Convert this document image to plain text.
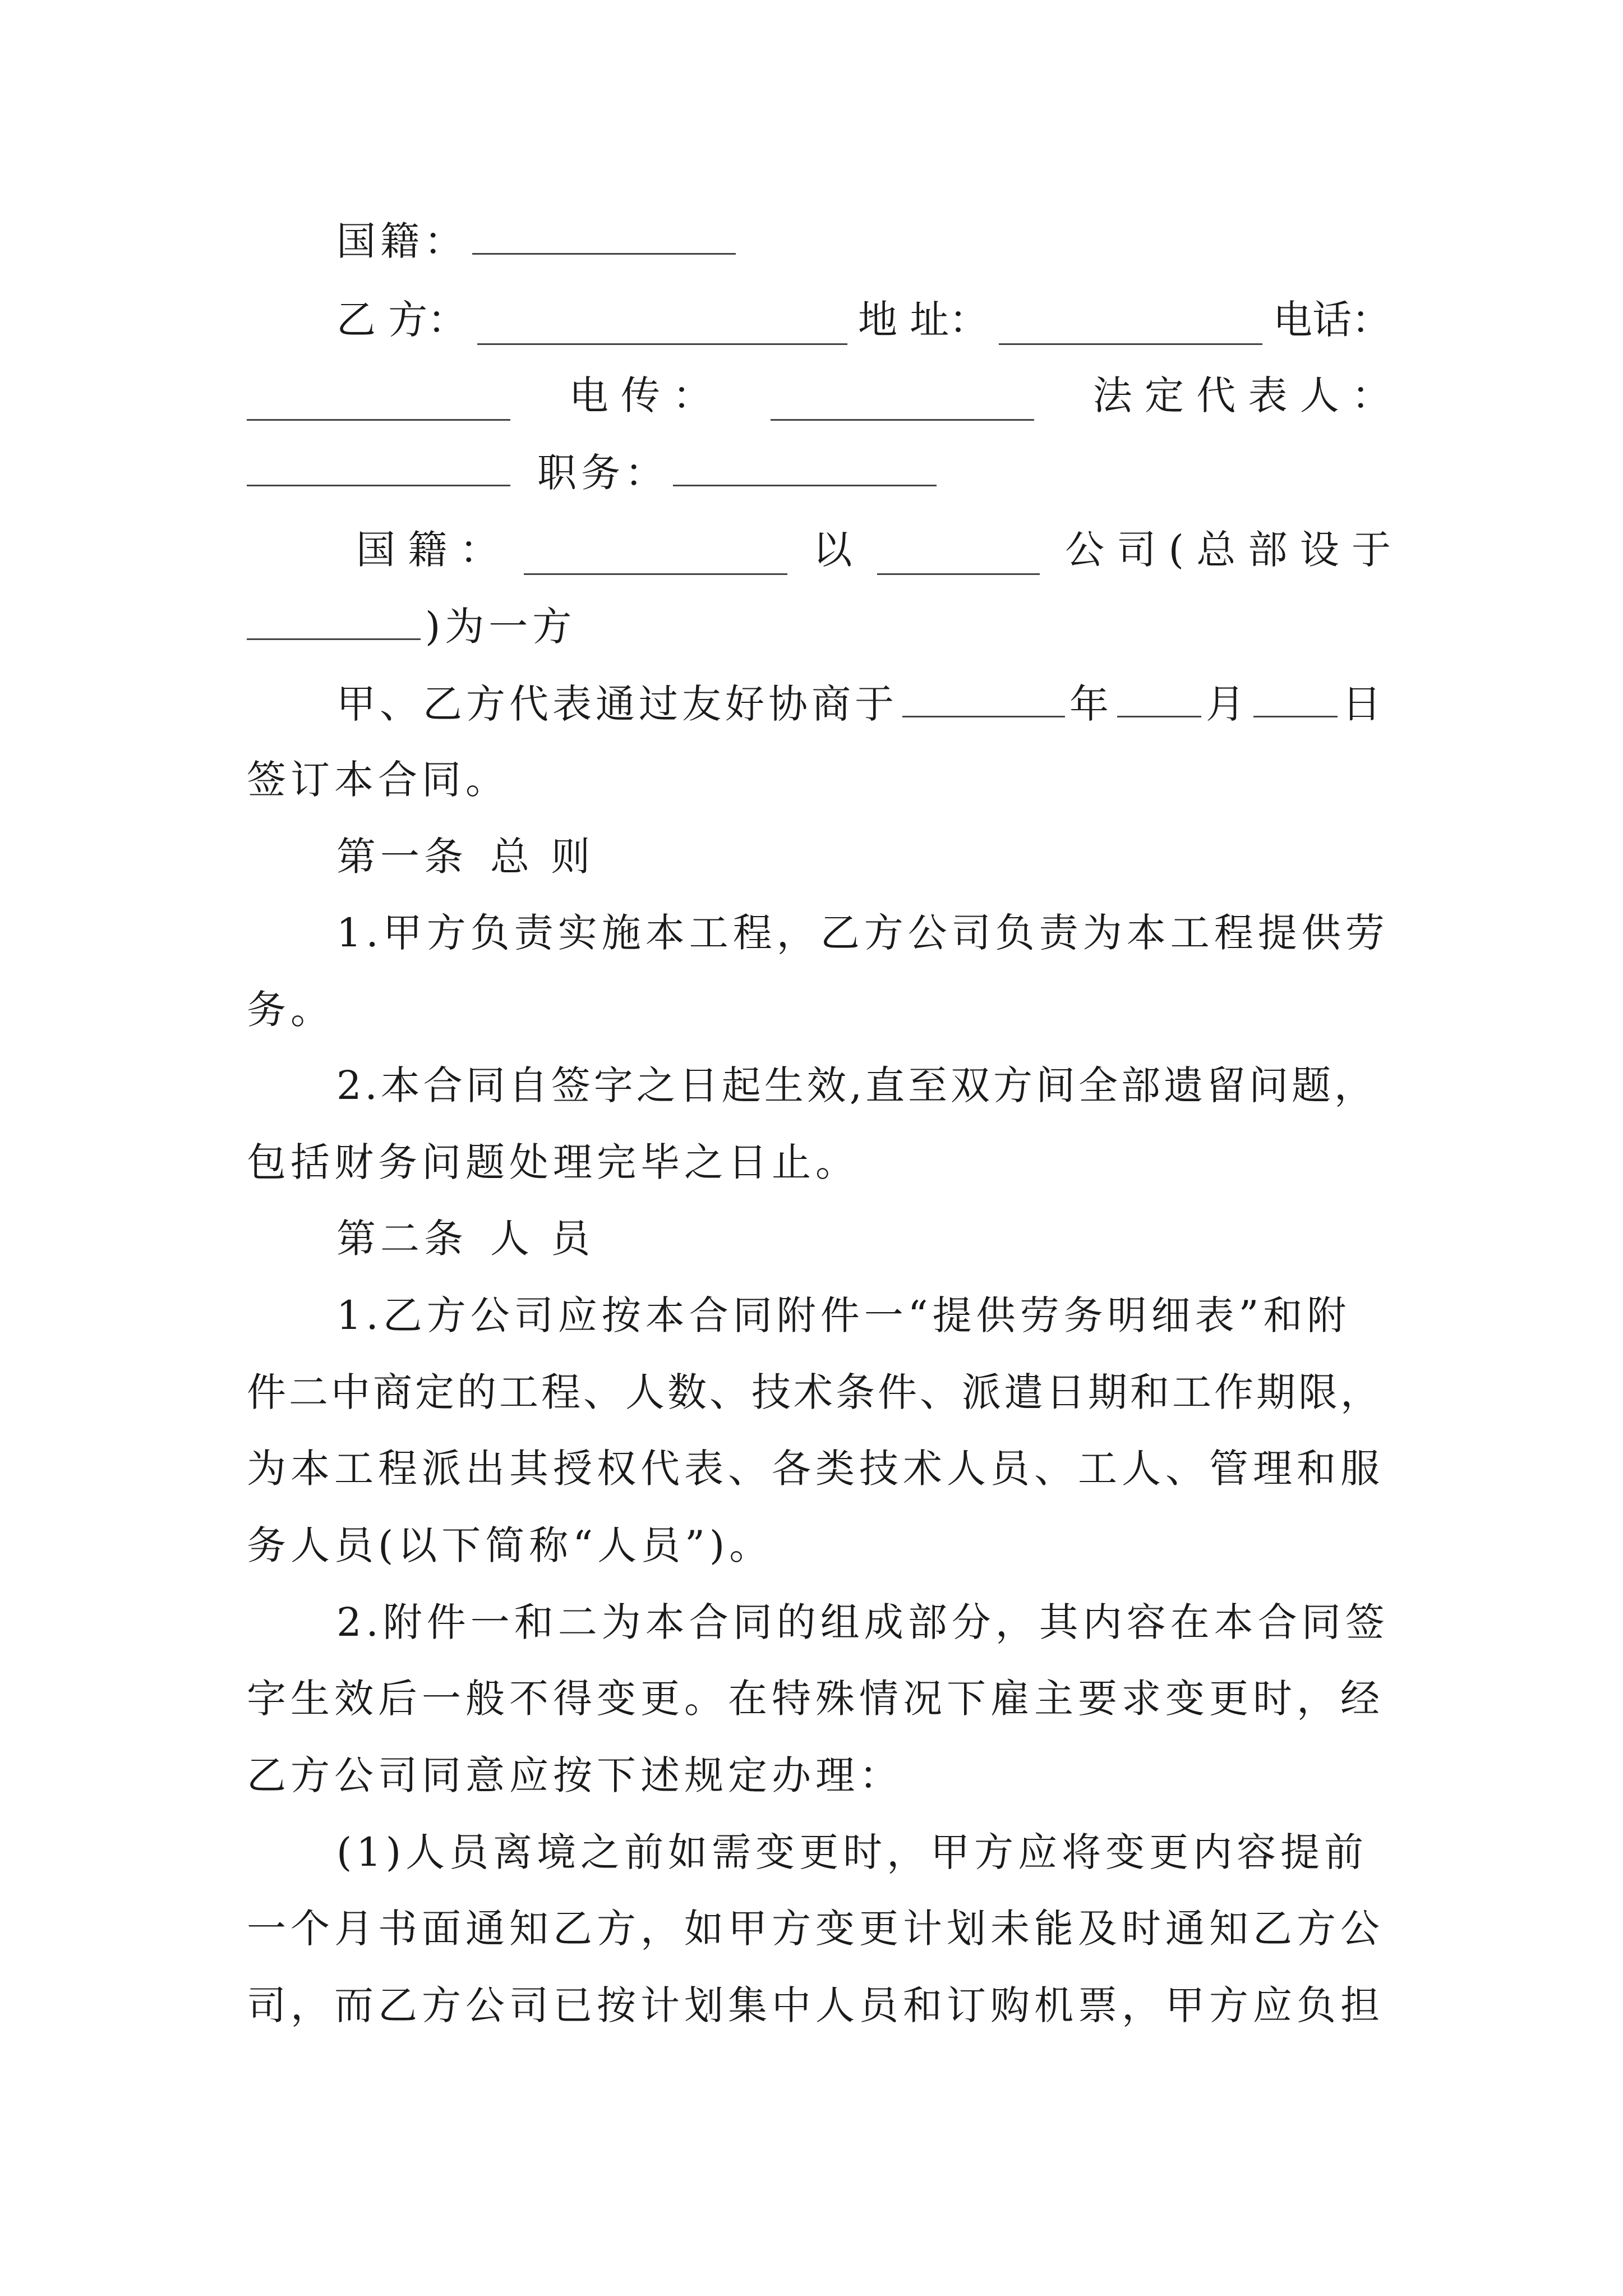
国籍：
乙 方：	地 址：	电话：
电 传 ：	法 定 代 表 人 ：
职务：
国 籍 ：	以	公 司 ( 总 部 设 于
)为一方
甲、乙方代表通过友好协商于	年 月 日
签订本合同。
第一条 总 则
1.甲方负责实施本工程，乙方公司负责为本工程提供劳
务。
2.本合同自签字之日起生效,直至双方间全部遗留问题，
包括财务问题处理完毕之日止。
第二条 人 员
1.乙方公司应按本合同附件一“提供劳务明细表”和附
件二中商定的工程、人数、技术条件、派遣日期和工作期限，
为本工程派出其授权代表、各类技术人员、工人、管理和服
务人员(以下简称“人员”)。
2.附件一和二为本合同的组成部分，其内容在本合同签
字生效后一般不得变更。在特殊情况下雇主要求变更时，经
乙方公司同意应按下述规定办理：
(1)人员离境之前如需变更时，甲方应将变更内容提前
一个月书面通知乙方，如甲方变更计划未能及时通知乙方公
司，而乙方公司已按计划集中人员和订购机票，甲方应负担
